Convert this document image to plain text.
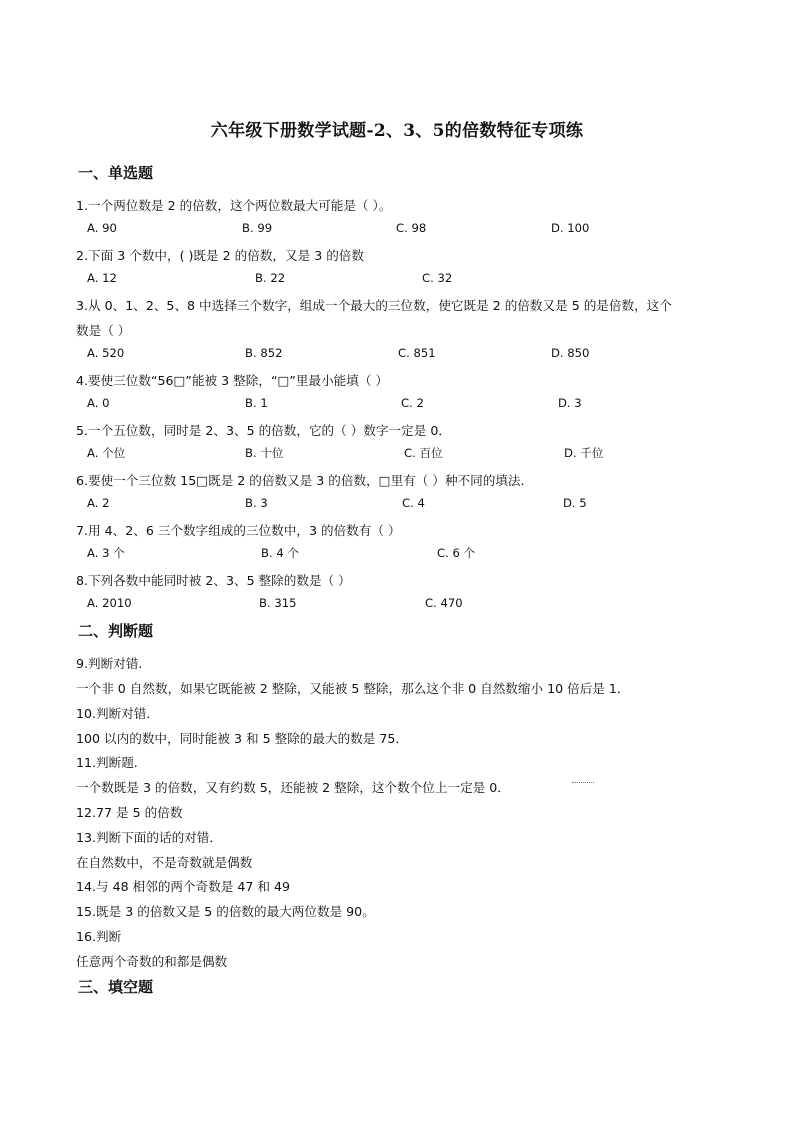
六年级下册数学试题-2、3、5的倍数特征专项练
一、单选题
1.一个两位数是 2 的倍数，这个两位数最大可能是（ ）。
A. 90	B. 99	C. 98	D. 100
2.下面 3 个数中，( )既是 2 的倍数，又是 3 的倍数
A. 12	B. 22	C. 32
3.从 0、1、2、5、8 中选择三个数字，组成一个最大的三位数，使它既是 2 的倍数又是 5 的是倍数，这个
数是（ ）
A. 520	B. 852	C. 851	D. 850
4.要使三位数“56□”能被 3 整除，“□”里最小能填（ ）
A. 0	B. 1	C. 2	D. 3
5.一个五位数，同时是 2、3、5 的倍数，它的（ ）数字一定是 0．
A. 个位	B. 十位	C. 百位	D. 千位
6.要使一个三位数 15□既是 2 的倍数又是 3 的倍数，□里有（ ）种不同的填法．
A. 2	B. 3	C. 4	D. 5
7.用 4、2、6 三个数字组成的三位数中，3 的倍数有（ ）
A. 3 个	B. 4 个	C. 6 个
8.下列各数中能同时被 2、3、5 整除的数是（ ）
A. 2010	B. 315	C. 470
二、判断题
9.判断对错.
一个非 0 自然数，如果它既能被 2 整除，又能被 5 整除，那么这个非 0 自然数缩小 10 倍后是 1．
10.判断对错．
100 以内的数中，同时能被 3 和 5 整除的最大的数是 75．
11.判断题.
一个数既是 3 的倍数，又有约数 5，还能被 2 整除，这个数个位上一定是 0．
12.77 是 5 的倍数
13.判断下面的话的对错．
在自然数中，不是奇数就是偶数
14.与 48 相邻的两个奇数是 47 和 49
15.既是 3 的倍数又是 5 的倍数的最大两位数是 90。
16.判断
任意两个奇数的和都是偶数
三、填空题
